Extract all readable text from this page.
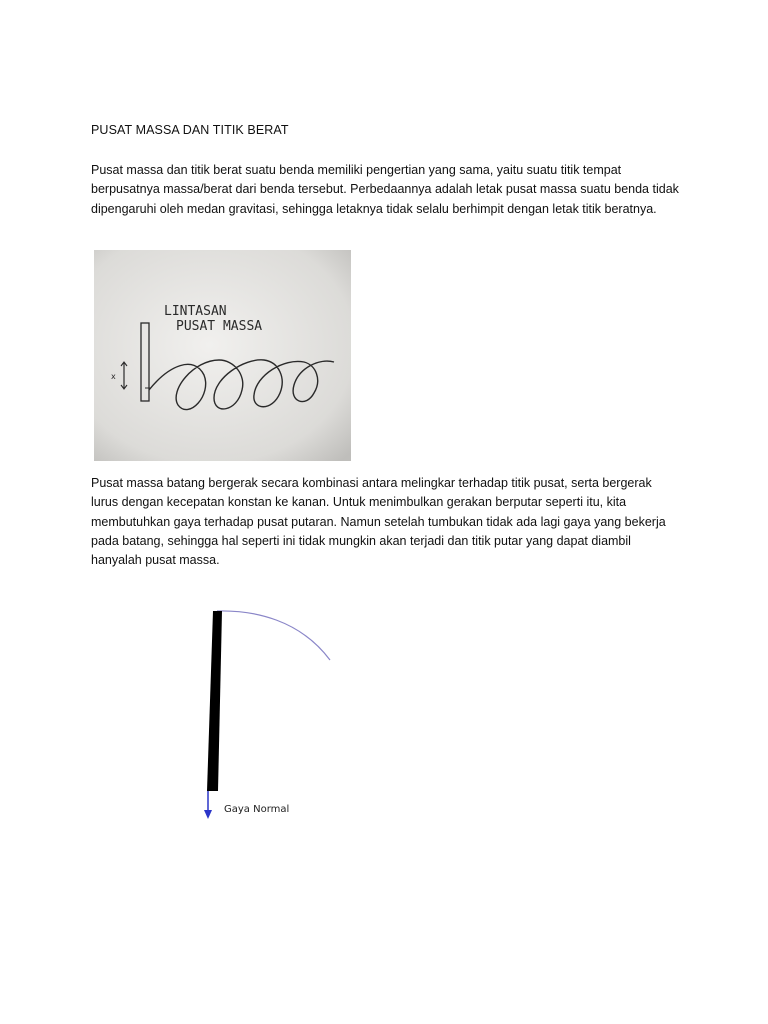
PUSAT MASSA DAN TITIK BERAT

Pusat massa dan titik berat suatu benda memiliki pengertian yang sama, yaitu suatu titik tempat berpusatnya massa/berat dari benda tersebut. Perbedaannya adalah letak pusat massa suatu benda tidak dipengaruhi oleh medan gravitasi, sehingga letaknya tidak selalu berhimpit dengan letak titik beratnya.

LINTASAN
PUSAT MASSA
x

Pusat massa batang bergerak secara kombinasi antara melingkar terhadap titik pusat, serta bergerak lurus dengan kecepatan konstan ke kanan. Untuk menimbulkan gerakan berputar seperti itu, kita membutuhkan gaya terhadap pusat putaran. Namun setelah tumbukan tidak ada lagi gaya yang bekerja pada batang, sehingga hal seperti ini tidak mungkin akan terjadi dan titik putar yang dapat diambil hanyalah pusat massa.

Gaya Normal
